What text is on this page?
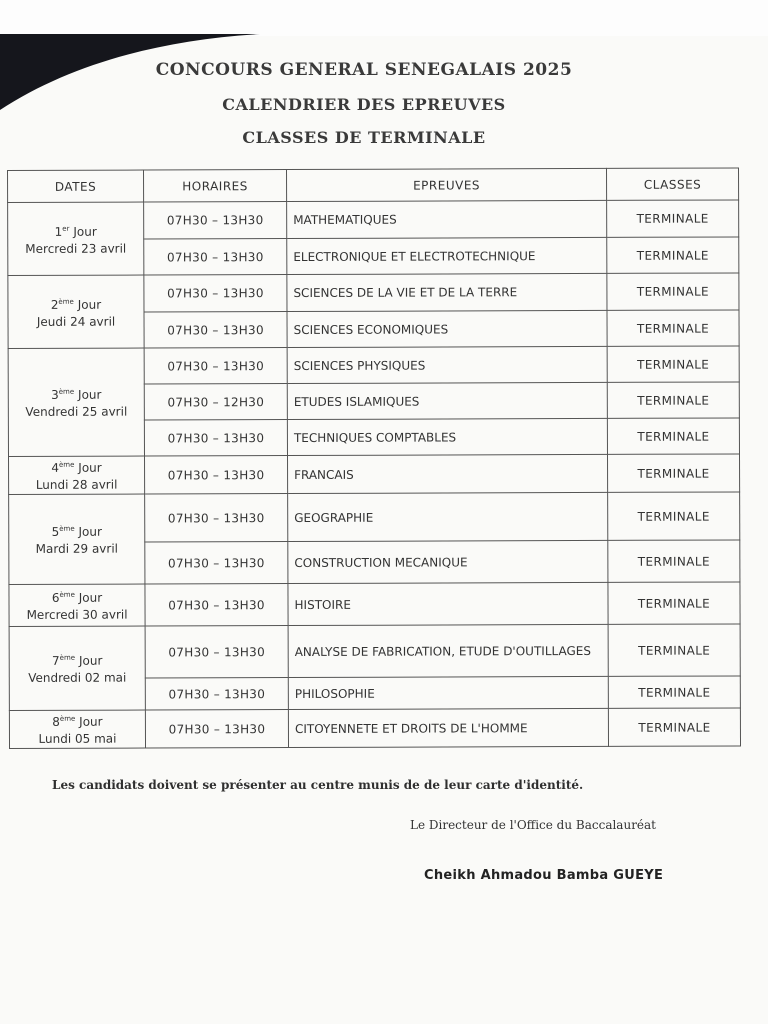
CONCOURS GENERAL SENEGALAIS 2025
CALENDRIER DES EPREUVES
CLASSES DE TERMINALE
DATES	HORAIRES	EPREUVES	CLASSES

1er Jour
Mercredi 23 avril	07H30 – 13H30	MATHEMATIQUES	TERMINALE
	07H30 – 13H30	ELECTRONIQUE ET ELECTROTECHNIQUE	TERMINALE

2ème Jour
Jeudi 24 avril	07H30 – 13H30	SCIENCES DE LA VIE ET DE LA TERRE	TERMINALE
	07H30 – 13H30	SCIENCES ECONOMIQUES	TERMINALE

3ème Jour
Vendredi 25 avril	07H30 – 13H30	SCIENCES PHYSIQUES	TERMINALE
	07H30 – 12H30	ETUDES ISLAMIQUES	TERMINALE
	07H30 – 13H30	TECHNIQUES COMPTABLES	TERMINALE

4ème Jour
Lundi 28 avril	07H30 – 13H30	FRANCAIS	TERMINALE

5ème Jour
Mardi 29 avril	07H30 – 13H30	GEOGRAPHIE	TERMINALE
	07H30 – 13H30	CONSTRUCTION MECANIQUE	TERMINALE

6ème Jour
Mercredi 30 avril	07H30 – 13H30	HISTOIRE	TERMINALE

7ème Jour
Vendredi 02 mai	07H30 – 13H30	ANALYSE DE FABRICATION, ETUDE D'OUTILLAGES	TERMINALE
	07H30 – 13H30	PHILOSOPHIE	TERMINALE

8ème Jour
Lundi 05 mai	07H30 – 13H30	CITOYENNETE ET DROITS DE L'HOMME	TERMINALE
Les candidats doivent se présenter au centre munis de de leur carte d'identité.
Le Directeur de l'Office du Baccalauréat
Cheikh Ahmadou Bamba GUEYE
